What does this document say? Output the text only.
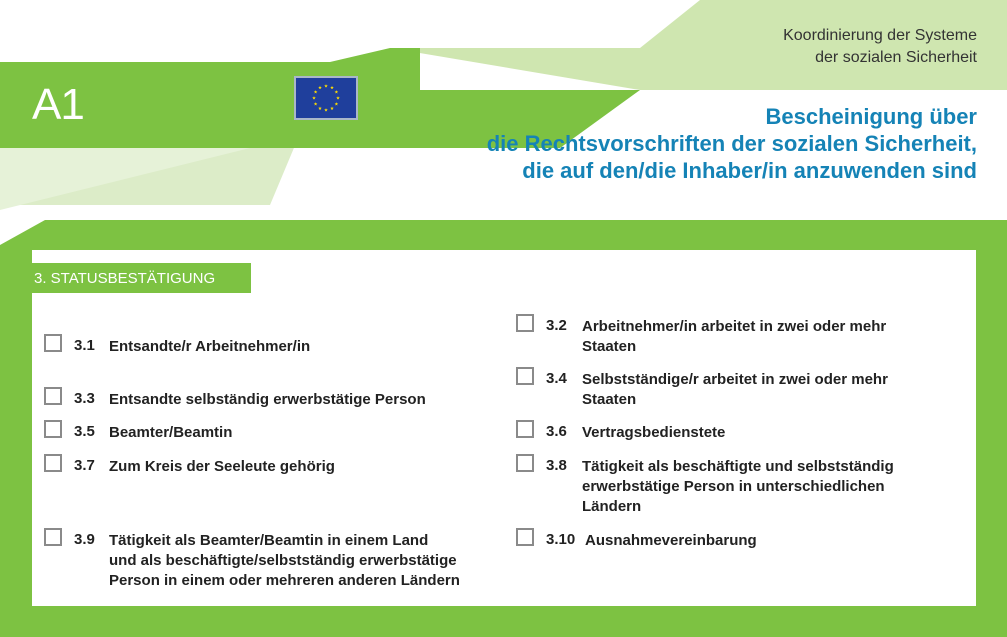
A1
Koordinierung der Systeme
der sozialen Sicherheit
Bescheinigung über
die Rechtsvorschriften der sozialen Sicherheit,
die auf den/die Inhaber/in anzuwenden sind
3. STATUSBESTÄTIGUNG
3.1 Entsandte/r Arbeitnehmer/in
3.3 Entsandte selbständig erwerbstätige Person
3.5 Beamter/Beamtin
3.7 Zum Kreis der Seeleute gehörig
3.9 Tätigkeit als Beamter/Beamtin in einem Land
und als beschäftigte/selbstständig erwerbstätige
Person in einem oder mehreren anderen Ländern
3.2 Arbeitnehmer/in arbeitet in zwei oder mehr
Staaten
3.4 Selbstständige/r arbeitet in zwei oder mehr
Staaten
3.6 Vertragsbedienstete
3.8 Tätigkeit als beschäftigte und selbstständig
erwerbstätige Person in unterschiedlichen
Ländern
3.10 Ausnahmevereinbarung
